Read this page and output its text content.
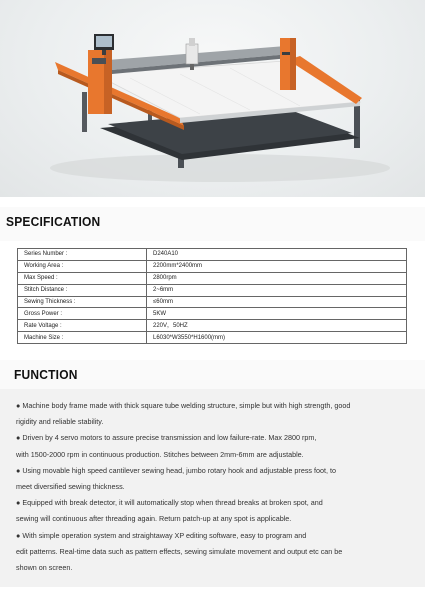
SPECIFICATION
Series Number :	D240A10
Working Area :	2200mm*2400mm
Max Speed :	2800rpm
Stitch Distance :	2~6mm
Sewing Thickness :	≤60mm
Gross Power :	5KW
Rate Voltage :	220V，50HZ
Machine Size :	L6030*W3550*H1600(mm)
FUNCTION

● Machine body frame made with thick square tube welding structure, simple but with high strength, good

rigidity and reliable stability.

● Driven by 4 servo motors to assure precise transmission and low failure-rate. Max 2800 rpm,

with 1500-2000 rpm in continuous production. Stitches between 2mm-6mm are adjustable.

● Using movable high speed cantilever sewing head, jumbo rotary hook and adjustable press foot, to

meet diversified sewing thickness.

● Equipped with break detector, it will automatically stop when thread breaks at broken spot, and

sewing will continuous after threading again. Return patch-up at any spot is applicable.

● With simple operation system and straightaway XP editing software, easy to program and

edit patterns. Real-time data such as pattern effects, sewing simulate movement and output etc can be

shown on screen.
